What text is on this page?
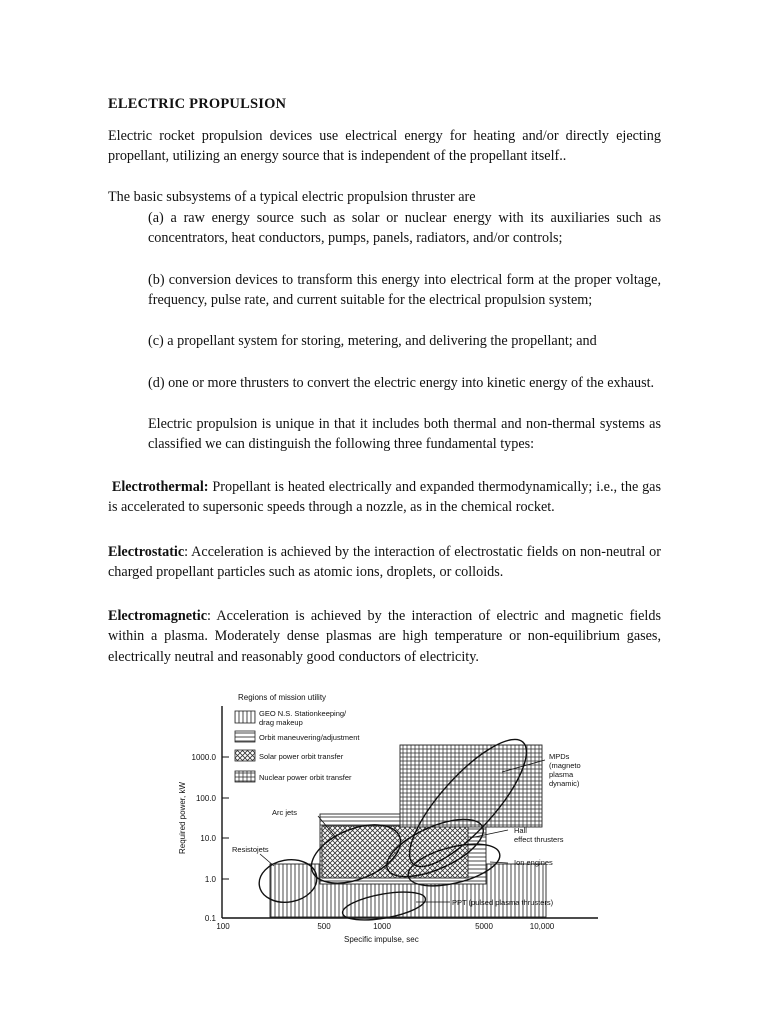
ELECTRIC PROPULSION
Electric rocket propulsion devices use electrical energy for heating and/or directly ejecting propellant, utilizing an energy source that is independent of the propellant itself..
The basic subsystems of a typical electric propulsion thruster are
(a) a raw energy source such as solar or nuclear energy with its auxiliaries such as concentrators, heat conductors, pumps, panels, radiators, and/or controls;
(b) conversion devices to transform this energy into electrical form at the proper voltage, frequency, pulse rate, and current suitable for the electrical propulsion system;
(c) a propellant system for storing, metering, and delivering the propellant; and
(d) one or more thrusters to convert the electric energy into kinetic energy of the exhaust.
Electric propulsion is unique in that it includes both thermal and non-thermal systems as classified we can distinguish the following three fundamental types:
Electrothermal: Propellant is heated electrically and expanded thermodynamically; i.e., the gas is accelerated to supersonic speeds through a nozzle, as in the chemical rocket.
Electrostatic: Acceleration is achieved by the interaction of electrostatic fields on non-neutral or charged propellant particles such as atomic ions, droplets, or colloids.
Electromagnetic: Acceleration is achieved by the interaction of electric and magnetic fields within a plasma. Moderately dense plasmas are high temperature or non-equilibrium gases, electrically neutral and reasonably good conductors of electricity.
Regions of mission utility
GEO N.S. Stationkeeping/
drag makeup
Orbit maneuvering/adjustment
Solar power orbit transfer
Nuclear power orbit transfer
1000.0
100.0
10.0
1.0
0.1
100	500	1000	5000	10,000
Specific impulse, sec
Required power, kW
MPDs
(magneto
plasma
dynamic)
Arc jets
Hall
effect thrusters
Resistojets
Ion engines
PPT (pulsed plasma thrusters)
